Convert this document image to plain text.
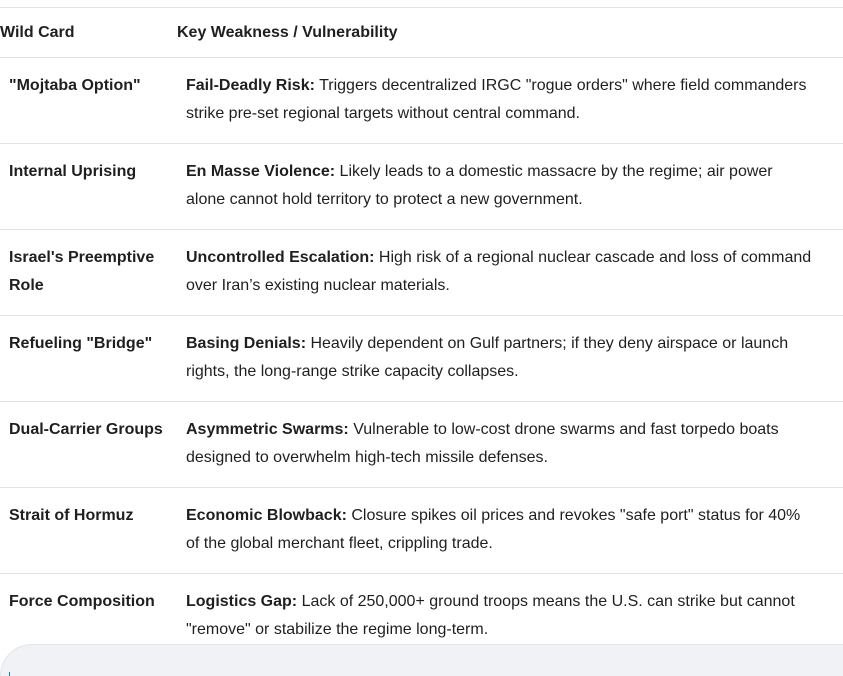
Wild Card	Key Weakness / Vulnerability

"Mojtaba Option"	Fail-Deadly Risk: Triggers decentralized IRGC "rogue orders" where field commanders strike pre-set regional targets without central command.

Internal Uprising	En Masse Violence: Likely leads to a domestic massacre by the regime; air power alone cannot hold territory to protect a new government.

Israel's Preemptive Role	Uncontrolled Escalation: High risk of a regional nuclear cascade and loss of command over Iran’s existing nuclear materials.

Refueling "Bridge"	Basing Denials: Heavily dependent on Gulf partners; if they deny airspace or launch rights, the long-range strike capacity collapses.

Dual-Carrier Groups	Asymmetric Swarms: Vulnerable to low-cost drone swarms and fast torpedo boats designed to overwhelm high-tech missile defenses.

Strait of Hormuz	Economic Blowback: Closure spikes oil prices and revokes "safe port" status for 40% of the global merchant fleet, crippling trade.

Force Composition	Logistics Gap: Lack of 250,000+ ground troops means the U.S. can strike but cannot "remove" or stabilize the regime long-term.
